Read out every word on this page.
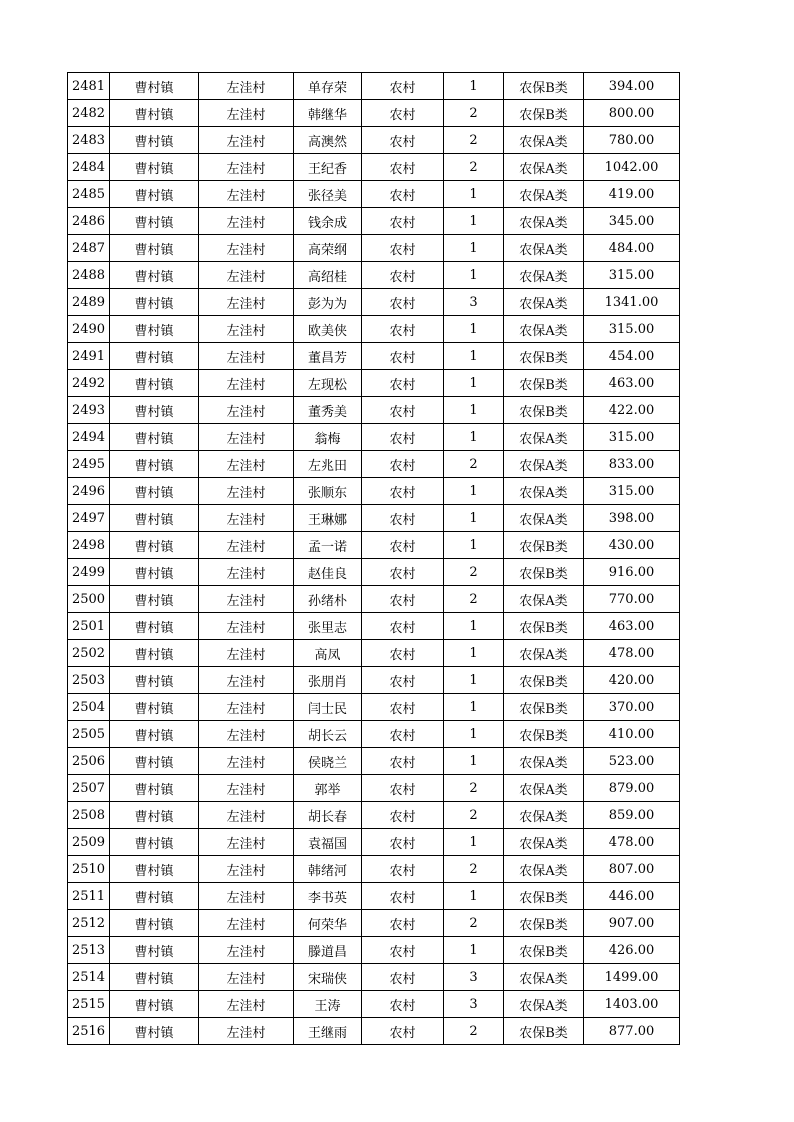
2481	曹村镇	左洼村	单存荣	农村	1	农保B类	394.00
2482	曹村镇	左洼村	韩继华	农村	2	农保B类	800.00
2483	曹村镇	左洼村	高澳然	农村	2	农保A类	780.00
2484	曹村镇	左洼村	王纪香	农村	2	农保A类	1042.00
2485	曹村镇	左洼村	张径美	农村	1	农保A类	419.00
2486	曹村镇	左洼村	钱余成	农村	1	农保A类	345.00
2487	曹村镇	左洼村	高荣纲	农村	1	农保A类	484.00
2488	曹村镇	左洼村	高绍桂	农村	1	农保A类	315.00
2489	曹村镇	左洼村	彭为为	农村	3	农保A类	1341.00
2490	曹村镇	左洼村	欧美侠	农村	1	农保A类	315.00
2491	曹村镇	左洼村	董昌芳	农村	1	农保B类	454.00
2492	曹村镇	左洼村	左现松	农村	1	农保B类	463.00
2493	曹村镇	左洼村	董秀美	农村	1	农保B类	422.00
2494	曹村镇	左洼村	翁梅	农村	1	农保A类	315.00
2495	曹村镇	左洼村	左兆田	农村	2	农保A类	833.00
2496	曹村镇	左洼村	张顺东	农村	1	农保A类	315.00
2497	曹村镇	左洼村	王琳娜	农村	1	农保A类	398.00
2498	曹村镇	左洼村	孟一诺	农村	1	农保B类	430.00
2499	曹村镇	左洼村	赵佳良	农村	2	农保B类	916.00
2500	曹村镇	左洼村	孙绪朴	农村	2	农保A类	770.00
2501	曹村镇	左洼村	张里志	农村	1	农保B类	463.00
2502	曹村镇	左洼村	高凤	农村	1	农保A类	478.00
2503	曹村镇	左洼村	张朋肖	农村	1	农保B类	420.00
2504	曹村镇	左洼村	闫士民	农村	1	农保B类	370.00
2505	曹村镇	左洼村	胡长云	农村	1	农保B类	410.00
2506	曹村镇	左洼村	侯晓兰	农村	1	农保A类	523.00
2507	曹村镇	左洼村	郭举	农村	2	农保A类	879.00
2508	曹村镇	左洼村	胡长春	农村	2	农保A类	859.00
2509	曹村镇	左洼村	袁福国	农村	1	农保A类	478.00
2510	曹村镇	左洼村	韩绪河	农村	2	农保A类	807.00
2511	曹村镇	左洼村	李书英	农村	1	农保B类	446.00
2512	曹村镇	左洼村	何荣华	农村	2	农保B类	907.00
2513	曹村镇	左洼村	滕道昌	农村	1	农保B类	426.00
2514	曹村镇	左洼村	宋瑞侠	农村	3	农保A类	1499.00
2515	曹村镇	左洼村	王涛	农村	3	农保A类	1403.00
2516	曹村镇	左洼村	王继雨	农村	2	农保B类	877.00
